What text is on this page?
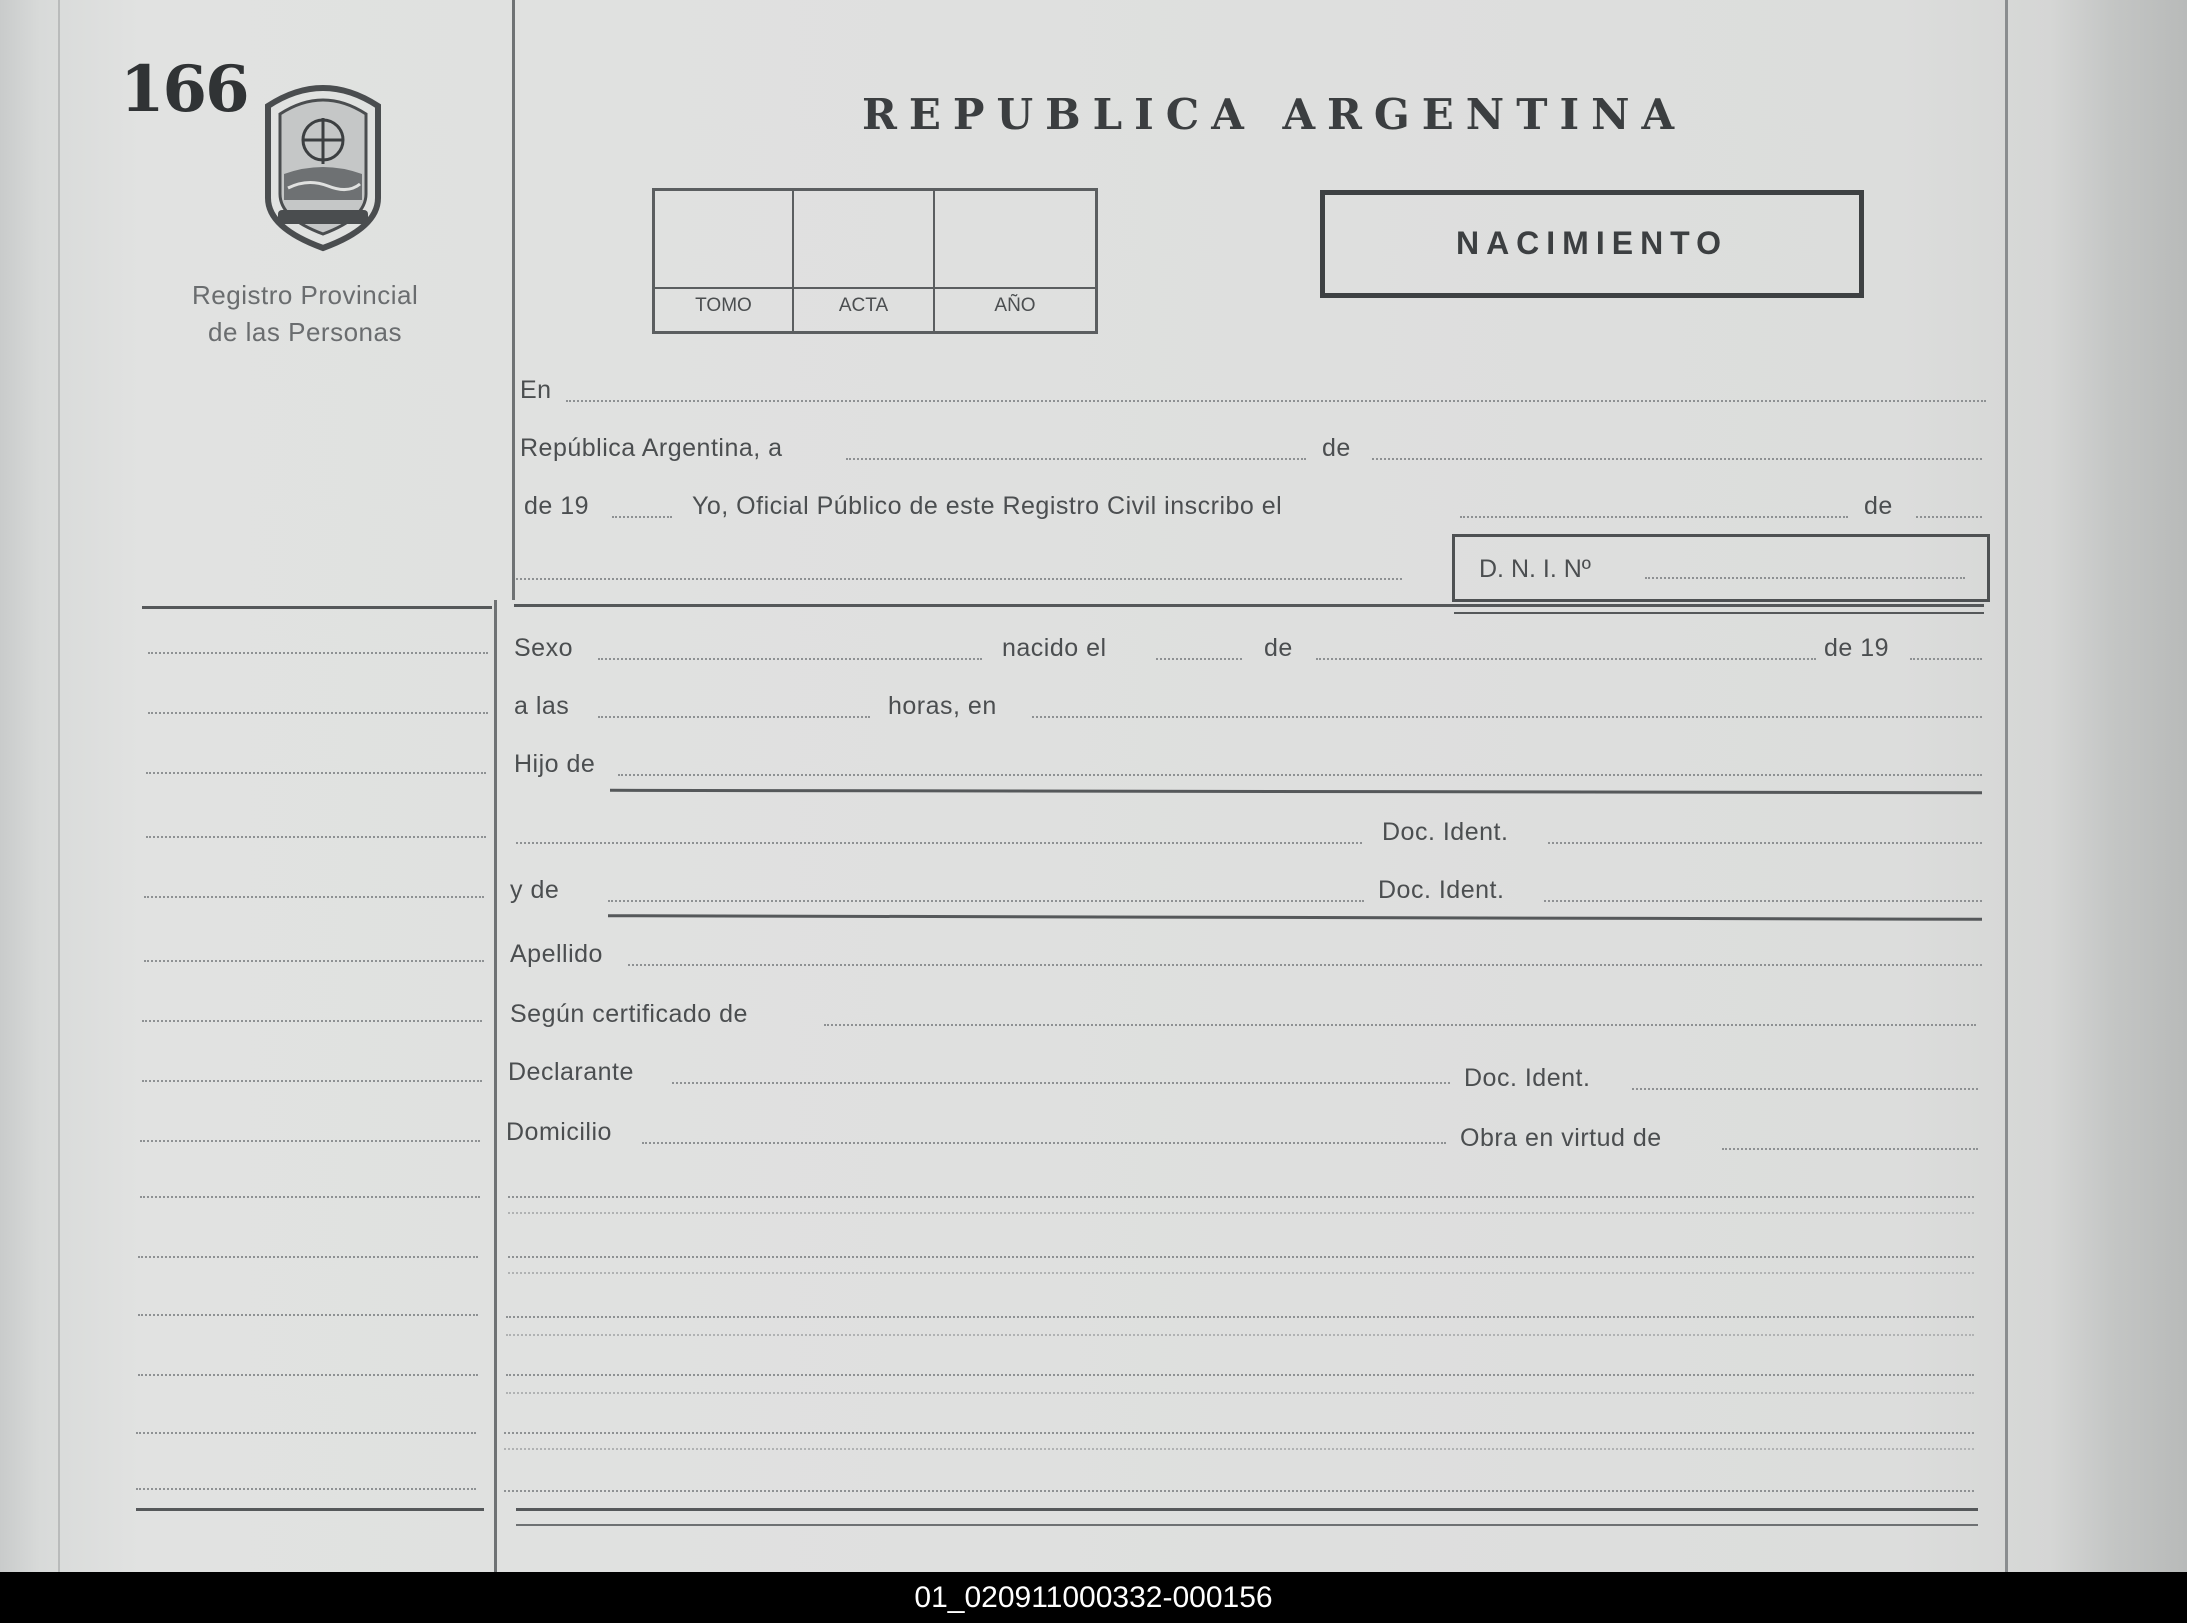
166
Registro Provincial
de las Personas
REPUBLICA ARGENTINA
TOMO	ACTA	AÑO
NACIMIENTO
En
República Argentina, a	de
de 19	Yo, Oficial Público de este Registro Civil inscribo el	de
D. N. I. Nº
Sexo	nacido el	de	de 19
a las	horas, en
Hijo de
Doc. Ident.
y de	Doc. Ident.
Apellido
Según certificado de
Declarante	Doc. Ident.
Domicilio	Obra en virtud de
01_020911000332-000156
